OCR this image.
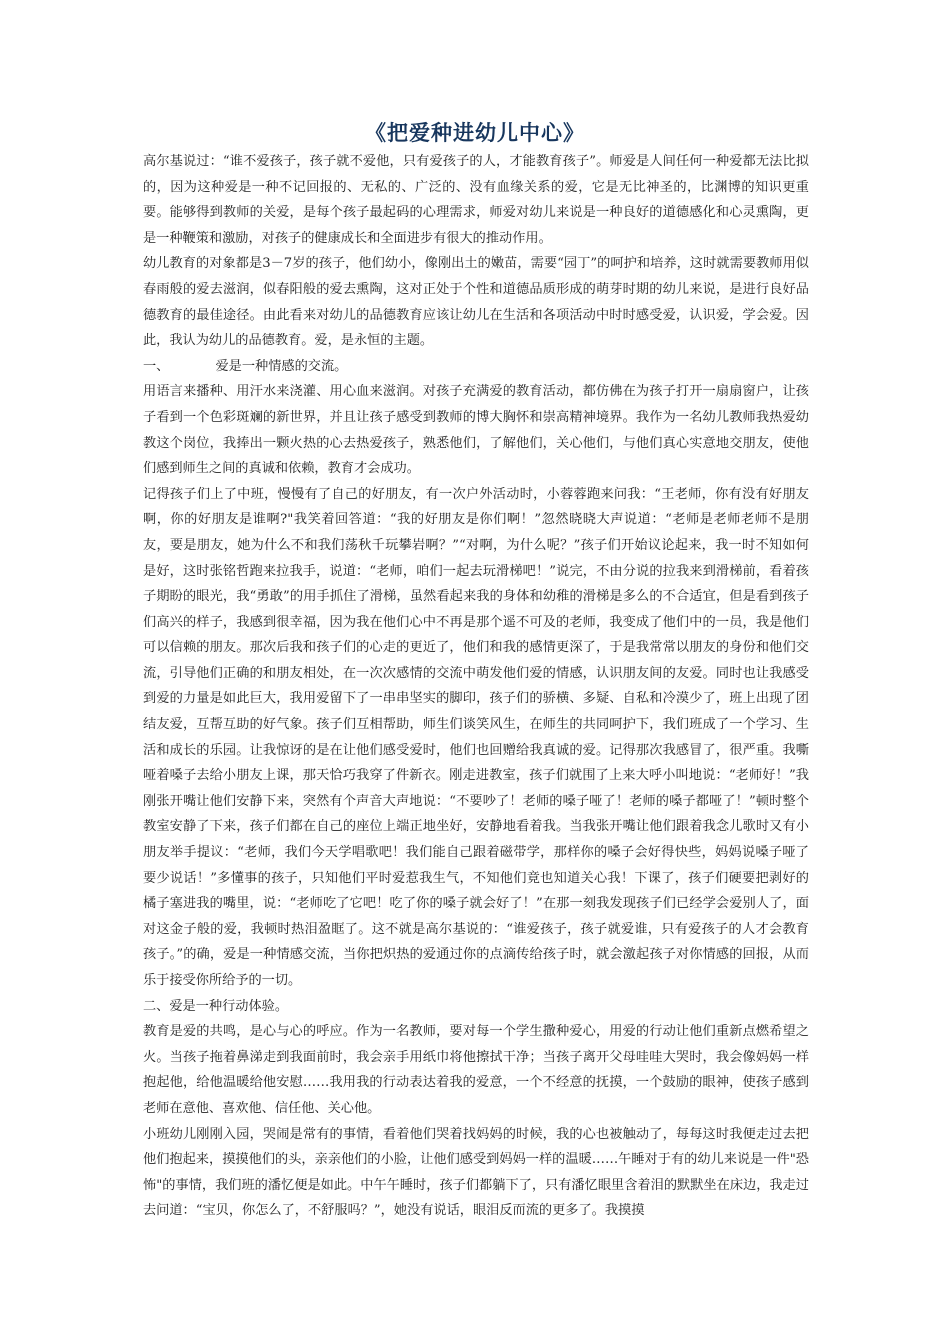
《把爱种进幼儿中心》

高尔基说过：“谁不爱孩子，孩子就不爱他，只有爱孩子的人，才能教育孩子”。师爱是人间任何一种爱都无法比拟的，因为这种爱是一种不记回报的、无私的、广泛的、没有血缘关系的爱，它是无比神圣的，比渊博的知识更重要。能够得到教师的关爱，是每个孩子最起码的心理需求，师爱对幼儿来说是一种良好的道德感化和心灵熏陶，更是一种鞭策和激励，对孩子的健康成长和全面进步有很大的推动作用。

幼儿教育的对象都是3－7岁的孩子，他们幼小，像刚出土的嫩苗，需要“园丁”的呵护和培养，这时就需要教师用似春雨般的爱去滋润，似春阳般的爱去熏陶，这对正处于个性和道德品质形成的萌芽时期的幼儿来说，是进行良好品德教育的最佳途径。由此看来对幼儿的品德教育应该让幼儿在生活和各项活动中时时感受爱，认识爱，学会爱。因此，我认为幼儿的品德教育。爱，是永恒的主题。

一、           爱是一种情感的交流。

用语言来播种、用汗水来浇灌、用心血来滋润。对孩子充满爱的教育活动，都仿佛在为孩子打开一扇扇窗户，让孩子看到一个色彩斑斓的新世界，并且让孩子感受到教师的博大胸怀和崇高精神境界。我作为一名幼儿教师我热爱幼教这个岗位，我捧出一颗火热的心去热爱孩子，熟悉他们，了解他们，关心他们，与他们真心实意地交朋友，使他们感到师生之间的真诚和依赖，教育才会成功。

记得孩子们上了中班，慢慢有了自己的好朋友，有一次户外活动时，小蓉蓉跑来问我：“王老师，你有没有好朋友啊，你的好朋友是谁啊?"我笑着回答道：“我的好朋友是你们啊！”忽然晓晓大声说道：“老师是老师老师不是朋友，要是朋友，她为什么不和我们荡秋千玩攀岩啊？”“对啊，为什么呢？”孩子们开始议论起来，我一时不知如何是好，这时张铭哲跑来拉我手，说道：“老师，咱们一起去玩滑梯吧！”说完，不由分说的拉我来到滑梯前，看着孩子期盼的眼光，我“勇敢”的用手抓住了滑梯，虽然看起来我的身体和幼稚的滑梯是多么的不合适宜，但是看到孩子们高兴的样子，我感到很幸福，因为我在他们心中不再是那个遥不可及的老师，我变成了他们中的一员，我是他们可以信赖的朋友。那次后我和孩子们的心走的更近了，他们和我的感情更深了，于是我常常以朋友的身份和他们交流，引导他们正确的和朋友相处，在一次次感情的交流中萌发他们爱的情感，认识朋友间的友爱。同时也让我感受到爱的力量是如此巨大，我用爱留下了一串串坚实的脚印，孩子们的骄横、多疑、自私和冷漠少了，班上出现了团结友爱，互帮互助的好气象。孩子们互相帮助，师生们谈笑风生，在师生的共同呵护下，我们班成了一个学习、生活和成长的乐园。让我惊讶的是在让他们感受爱时，他们也回赠给我真诚的爱。记得那次我感冒了，很严重。我嘶哑着嗓子去给小朋友上课，那天恰巧我穿了件新衣。刚走进教室，孩子们就围了上来大呼小叫地说：“老师好！”我刚张开嘴让他们安静下来，突然有个声音大声地说：“不要吵了！老师的嗓子哑了！老师的嗓子都哑了！”顿时整个教室安静了下来，孩子们都在自己的座位上端正地坐好，安静地看着我。当我张开嘴让他们跟着我念儿歌时又有小朋友举手提议：“老师，我们今天学唱歌吧！我们能自己跟着磁带学，那样你的嗓子会好得快些，妈妈说嗓子哑了要少说话！”多懂事的孩子，只知他们平时爱惹我生气，不知他们竟也知道关心我！下课了，孩子们硬要把剥好的橘子塞进我的嘴里，说：“老师吃了它吧！吃了你的嗓子就会好了！”在那一刻我发现孩子们已经学会爱别人了，面对这金子般的爱，我顿时热泪盈眶了。这不就是高尔基说的：“谁爱孩子，孩子就爱谁，只有爱孩子的人才会教育孩子。”的确，爱是一种情感交流，当你把炽热的爱通过你的点滴传给孩子时，就会激起孩子对你情感的回报，从而乐于接受你所给予的一切。

二、爱是一种行动体验。

教育是爱的共鸣，是心与心的呼应。作为一名教师，要对每一个学生撒种爱心，用爱的行动让他们重新点燃希望之火。当孩子拖着鼻涕走到我面前时，我会亲手用纸巾将他擦拭干净；当孩子离开父母哇哇大哭时，我会像妈妈一样抱起他，给他温暖给他安慰……我用我的行动表达着我的爱意，一个不经意的抚摸，一个鼓励的眼神，使孩子感到老师在意他、喜欢他、信任他、关心他。

小班幼儿刚刚入园，哭闹是常有的事情，看着他们哭着找妈妈的时候，我的心也被触动了，每每这时我便走过去把他们抱起来，摸摸他们的头，亲亲他们的小脸，让他们感受到妈妈一样的温暖……午睡对于有的幼儿来说是一件"恐怖"的事情，我们班的潘忆便是如此。中午午睡时，孩子们都躺下了，只有潘忆眼里含着泪的默默坐在床边，我走过去问道：“宝贝，你怎么了，不舒服吗？”，她没有说话，眼泪反而流的更多了。我摸摸
